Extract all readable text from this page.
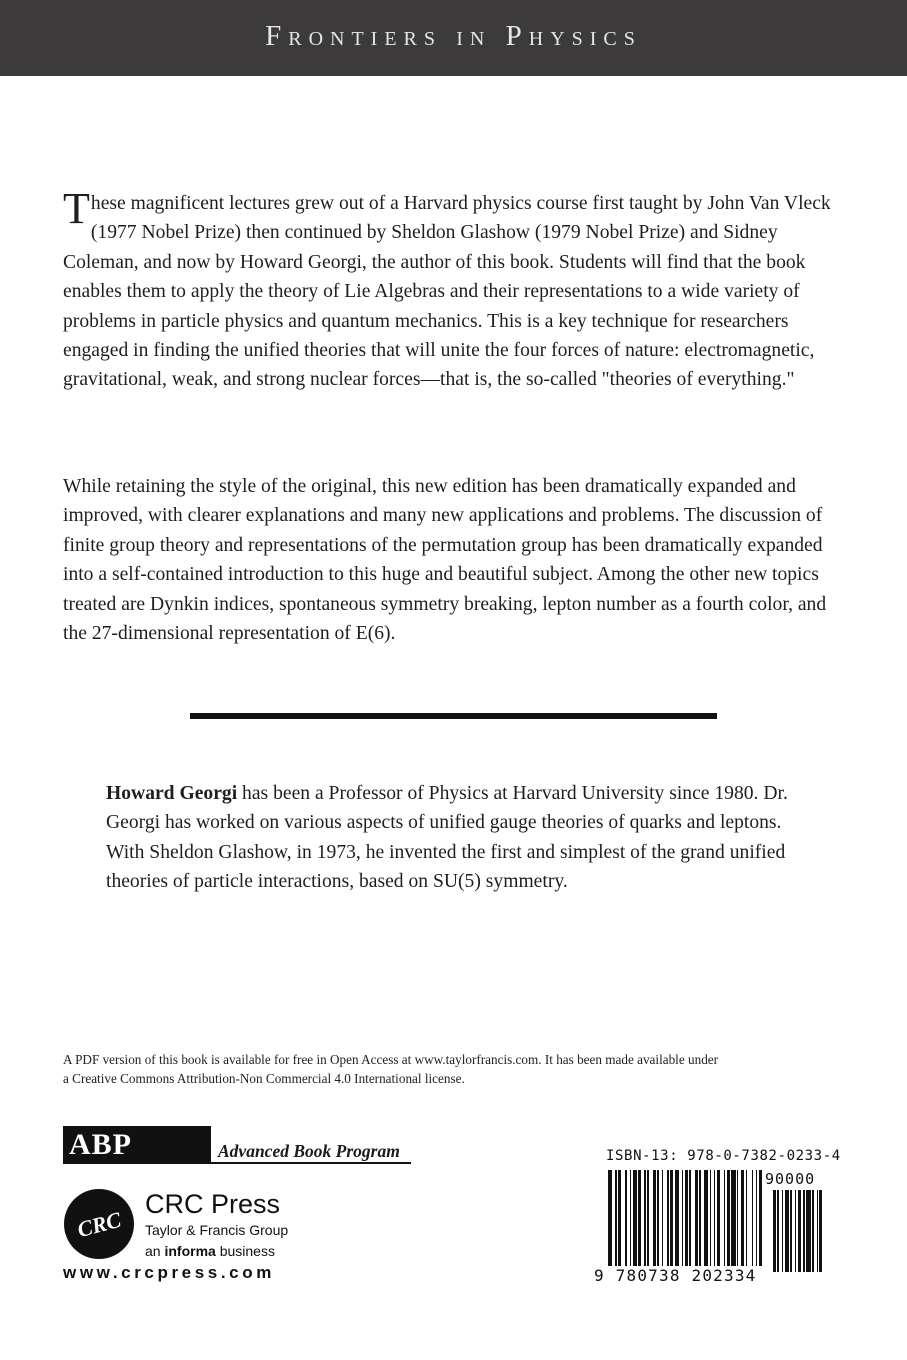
Frontiers in Physics

These magnificent lectures grew out of a Harvard physics course first taught by John Van Vleck (1977 Nobel Prize) then continued by Sheldon Glashow (1979 Nobel Prize) and Sidney Coleman, and now by Howard Georgi, the author of this book. Students will find that the book enables them to apply the theory of Lie Algebras and their representations to a wide variety of problems in particle physics and quantum mechanics. This is a key technique for researchers engaged in finding the unified theories that will unite the four forces of nature: electromagnetic, gravitational, weak, and strong nuclear forces—that is, the so-called "theories of everything."

While retaining the style of the original, this new edition has been dramatically expanded and improved, with clearer explanations and many new applications and problems. The discussion of finite group theory and representations of the permutation group has been dramatically expanded into a self-contained introduction to this huge and beautiful subject. Among the other new topics treated are Dynkin indices, spontaneous symmetry breaking, lepton number as a fourth color, and the 27-dimensional representation of E(6).

Howard Georgi has been a Professor of Physics at Harvard University since 1980. Dr. Georgi has worked on various aspects of unified gauge theories of quarks and leptons. With Sheldon Glashow, in 1973, he invented the first and simplest of the grand unified theories of particle interactions, based on SU(5) symmetry.
A PDF version of this book is available for free in Open Access at www.taylorfrancis.com. It has been made available under a Creative Commons Attribution-Non Commercial 4.0 International license.
ABP	Advanced Book Program
CRC
CRC Press
Taylor & Francis Group
an informa business
www.crcpress.com
ISBN-13: 978-0-7382-0233-4
90000
9 780738 202334
